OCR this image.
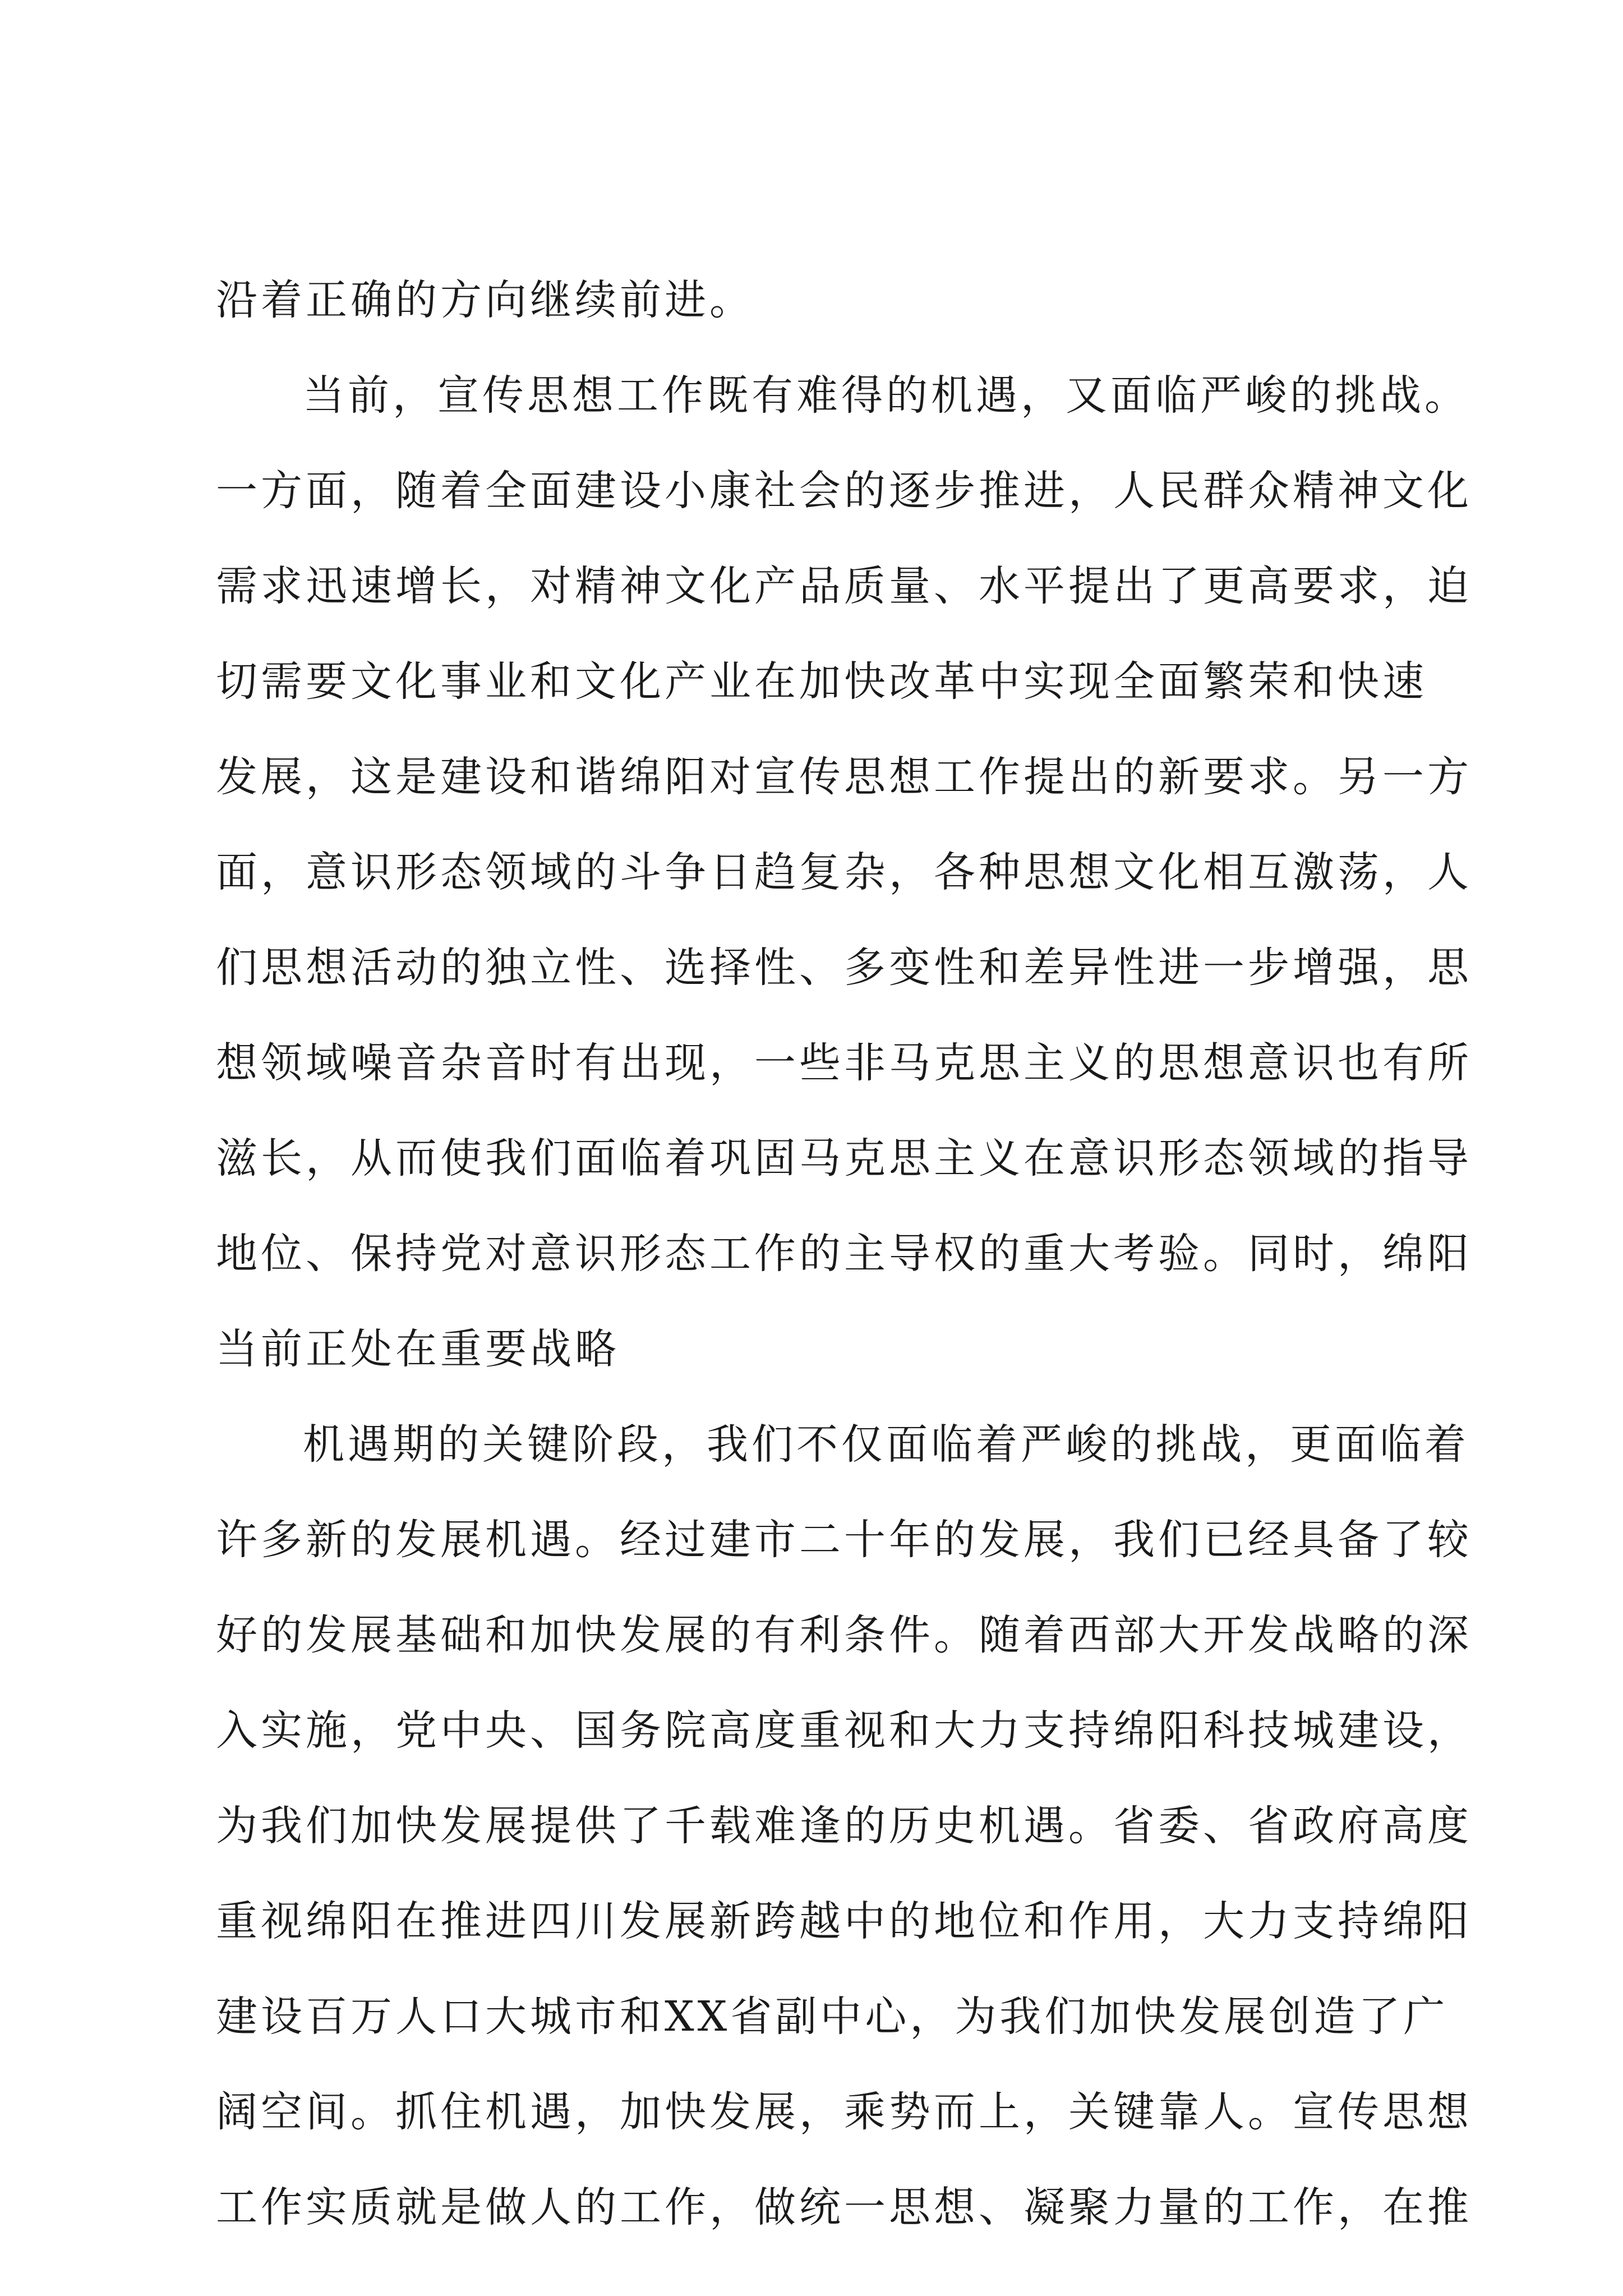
沿着正确的方向继续前进。
当前，宣传思想工作既有难得的机遇，又面临严峻的挑战。
一方面，随着全面建设小康社会的逐步推进，人民群众精神文化
需求迅速增长，对精神文化产品质量、水平提出了更高要求，迫
切需要文化事业和文化产业在加快改革中实现全面繁荣和快速
发展，这是建设和谐绵阳对宣传思想工作提出的新要求。另一方
面，意识形态领域的斗争日趋复杂，各种思想文化相互激荡，人
们思想活动的独立性、选择性、多变性和差异性进一步增强，思
想领域噪音杂音时有出现，一些非马克思主义的思想意识也有所
滋长，从而使我们面临着巩固马克思主义在意识形态领域的指导
地位、保持党对意识形态工作的主导权的重大考验。同时，绵阳
当前正处在重要战略
机遇期的关键阶段，我们不仅面临着严峻的挑战，更面临着
许多新的发展机遇。经过建市二十年的发展，我们已经具备了较
好的发展基础和加快发展的有利条件。随着西部大开发战略的深
入实施，党中央、国务院高度重视和大力支持绵阳科技城建设，
为我们加快发展提供了千载难逢的历史机遇。省委、省政府高度
重视绵阳在推进四川发展新跨越中的地位和作用，大力支持绵阳
建设百万人口大城市和XX省副中心，为我们加快发展创造了广
阔空间。抓住机遇，加快发展，乘势而上，关键靠人。宣传思想
工作实质就是做人的工作，做统一思想、凝聚力量的工作，在推
